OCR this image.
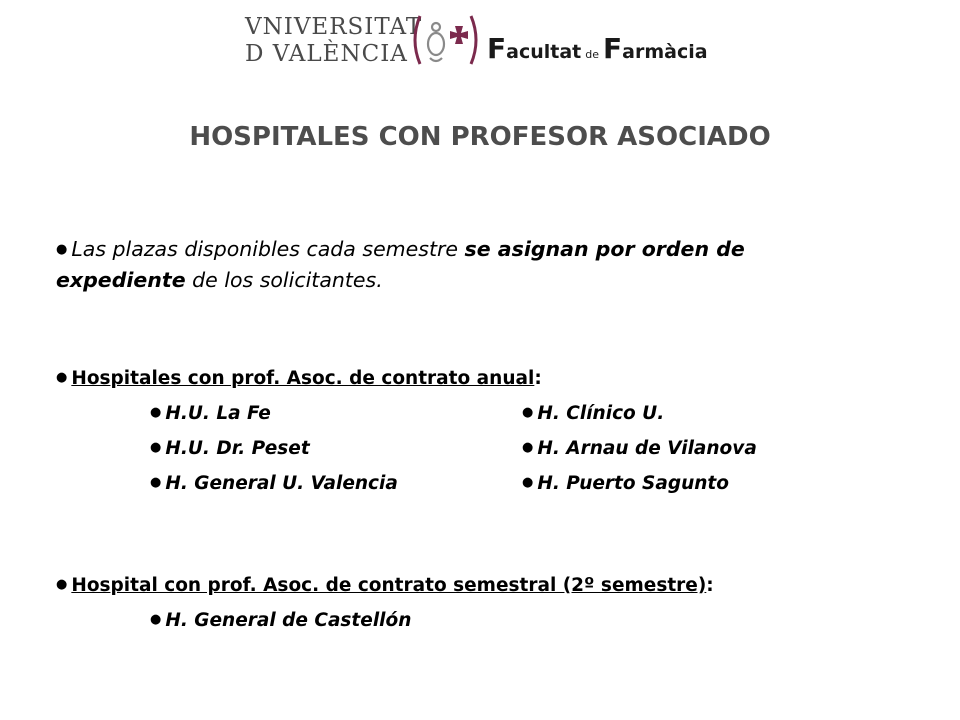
VNIVERSITAT
D VALÈNCIA	Facultat de Farmàcia
HOSPITALES CON PROFESOR ASOCIADO
● Las plazas disponibles cada semestre se asignan por orden de
expediente de los solicitantes.
● Hospitales con prof. Asoc. de contrato anual:
● H.U. La Fe
● H.U. Dr. Peset
● H. General U. Valencia
● H. Clínico U.
● H. Arnau de Vilanova
● H. Puerto Sagunto
● Hospital con prof. Asoc. de contrato semestral (2º semestre):
● H. General de Castellón
